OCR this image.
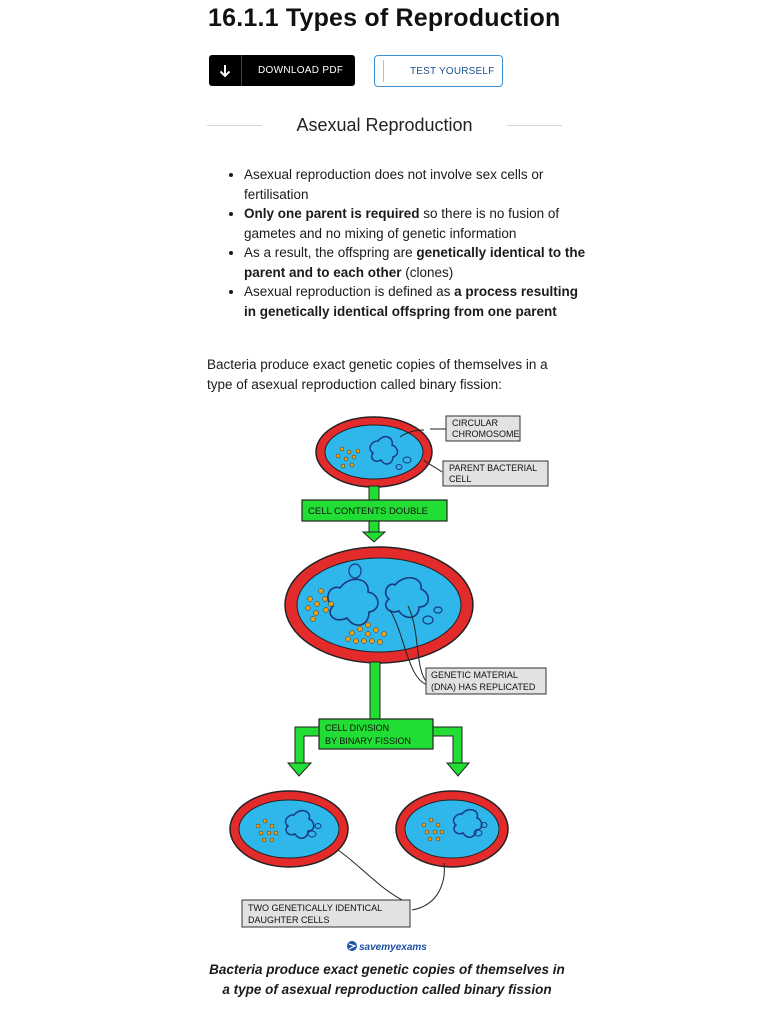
16.1.1 Types of Reproduction
DOWNLOAD PDF	TEST YOURSELF
Asexual Reproduction
• Asexual reproduction does not involve sex cells or fertilisation
• Only one parent is required so there is no fusion of gametes and no mixing of genetic information
• As a result, the offspring are genetically identical to the parent and to each other (clones)
• Asexual reproduction is defined as a process resulting in genetically identical offspring from one parent

Bacteria produce exact genetic copies of themselves in a type of asexual reproduction called binary fission:

CIRCULAR
CHROMOSOME
PARENT BACTERIAL
CELL
CELL CONTENTS DOUBLE
GENETIC MATERIAL
(DNA) HAS REPLICATED
CELL DIVISION
BY BINARY FISSION
TWO GENETICALLY IDENTICAL
DAUGHTER CELLS
savemyexams

Bacteria produce exact genetic copies of themselves in a type of asexual reproduction called binary fission
